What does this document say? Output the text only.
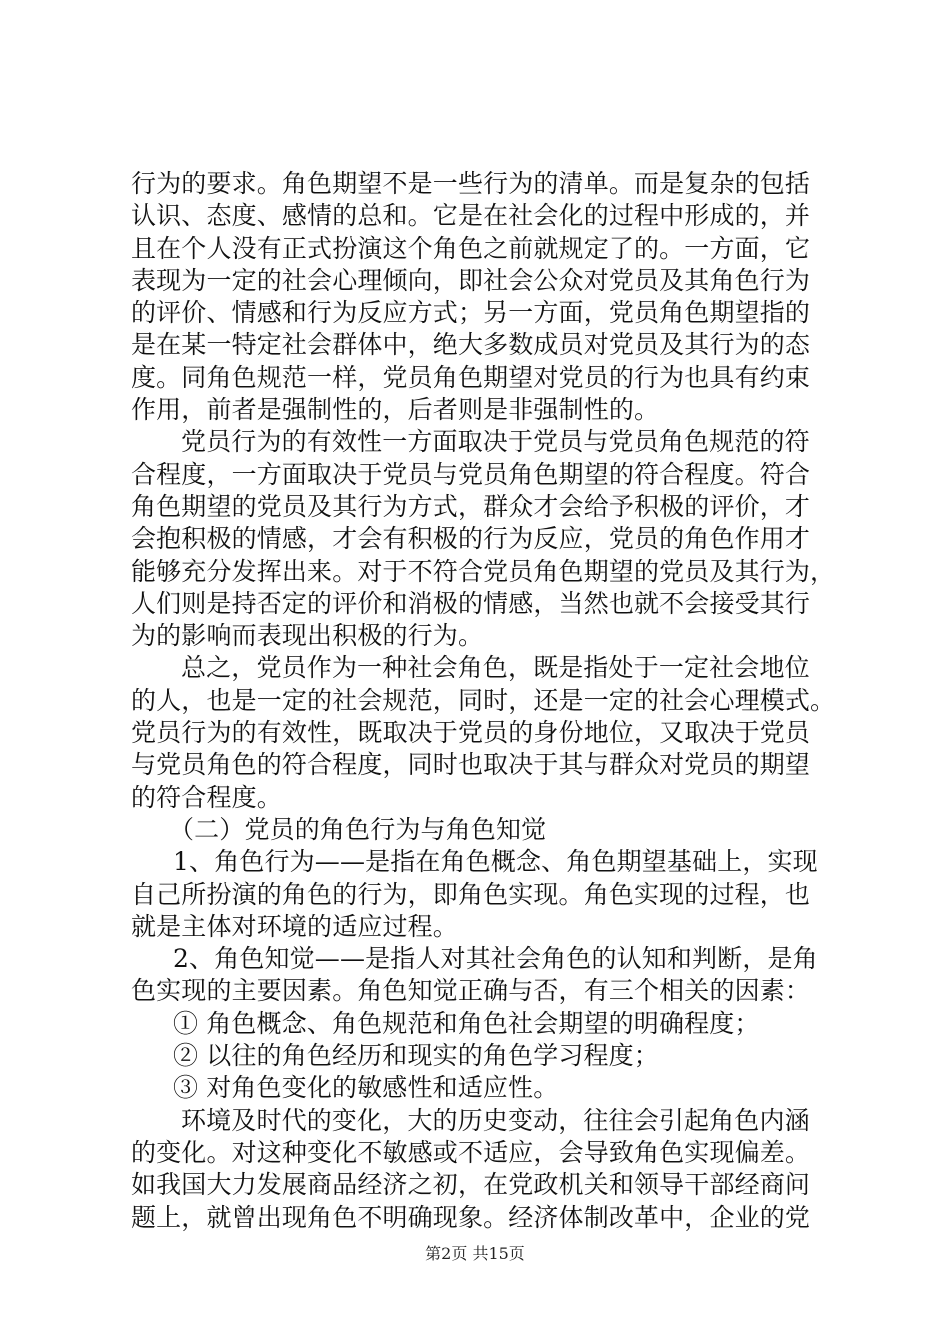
行为的要求。角色期望不是一些行为的清单。而是复杂的包括
认识、态度、感情的总和。它是在社会化的过程中形成的，并
且在个人没有正式扮演这个角色之前就规定了的。一方面，它
表现为一定的社会心理倾向，即社会公众对党员及其角色行为
的评价、情感和行为反应方式；另一方面，党员角色期望指的
是在某一特定社会群体中，绝大多数成员对党员及其行为的态
度。同角色规范一样，党员角色期望对党员的行为也具有约束
作用，前者是强制性的，后者则是非强制性的。
党员行为的有效性一方面取决于党员与党员角色规范的符
合程度，一方面取决于党员与党员角色期望的符合程度。符合
角色期望的党员及其行为方式，群众才会给予积极的评价，才
会抱积极的情感，才会有积极的行为反应，党员的角色作用才
能够充分发挥出来。对于不符合党员角色期望的党员及其行为，
人们则是持否定的评价和消极的情感，当然也就不会接受其行
为的影响而表现出积极的行为。
总之，党员作为一种社会角色，既是指处于一定社会地位
的人，也是一定的社会规范，同时，还是一定的社会心理模式。
党员行为的有效性，既取决于党员的身份地位，又取决于党员
与党员角色的符合程度，同时也取决于其与群众对党员的期望
的符合程度。
（二）党员的角色行为与角色知觉
1、角色行为——是指在角色概念、角色期望基础上，实现
自己所扮演的角色的行为，即角色实现。角色实现的过程，也
就是主体对环境的适应过程。
2、角色知觉——是指人对其社会角色的认知和判断，是角
色实现的主要因素。角色知觉正确与否，有三个相关的因素：
① 角色概念、角色规范和角色社会期望的明确程度；
② 以往的角色经历和现实的角色学习程度；
③ 对角色变化的敏感性和适应性。
环境及时代的变化，大的历史变动，往往会引起角色内涵
的变化。对这种变化不敏感或不适应，会导致角色实现偏差。
如我国大力发展商品经济之初，在党政机关和领导干部经商问
题上，就曾出现角色不明确现象。经济体制改革中，企业的党
第2页 共15页
